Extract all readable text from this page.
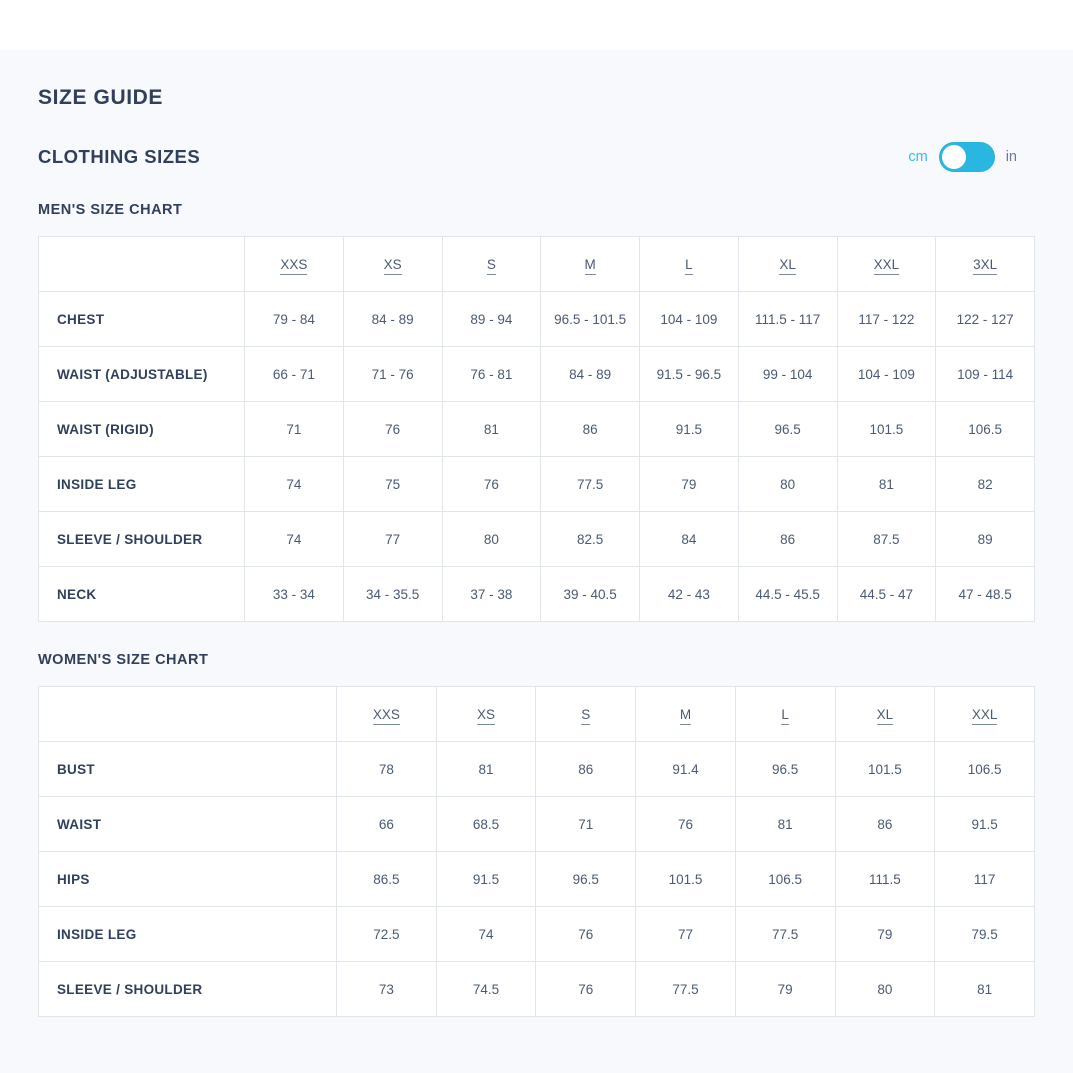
SIZE GUIDE
CLOTHING SIZES	cm	in
MEN'S SIZE CHART
	XXS	XS	S	M	L	XL	XXL	3XL
CHEST	79 - 84	84 - 89	89 - 94	96.5 - 101.5	104 - 109	111.5 - 117	117 - 122	122 - 127
WAIST (ADJUSTABLE)	66 - 71	71 - 76	76 - 81	84 - 89	91.5 - 96.5	99 - 104	104 - 109	109 - 114
WAIST (RIGID)	71	76	81	86	91.5	96.5	101.5	106.5
INSIDE LEG	74	75	76	77.5	79	80	81	82
SLEEVE / SHOULDER	74	77	80	82.5	84	86	87.5	89
NECK	33 - 34	34 - 35.5	37 - 38	39 - 40.5	42 - 43	44.5 - 45.5	44.5 - 47	47 - 48.5
WOMEN'S SIZE CHART
	XXS	XS	S	M	L	XL	XXL
BUST	78	81	86	91.4	96.5	101.5	106.5
WAIST	66	68.5	71	76	81	86	91.5
HIPS	86.5	91.5	96.5	101.5	106.5	111.5	117
INSIDE LEG	72.5	74	76	77	77.5	79	79.5
SLEEVE / SHOULDER	73	74.5	76	77.5	79	80	81
